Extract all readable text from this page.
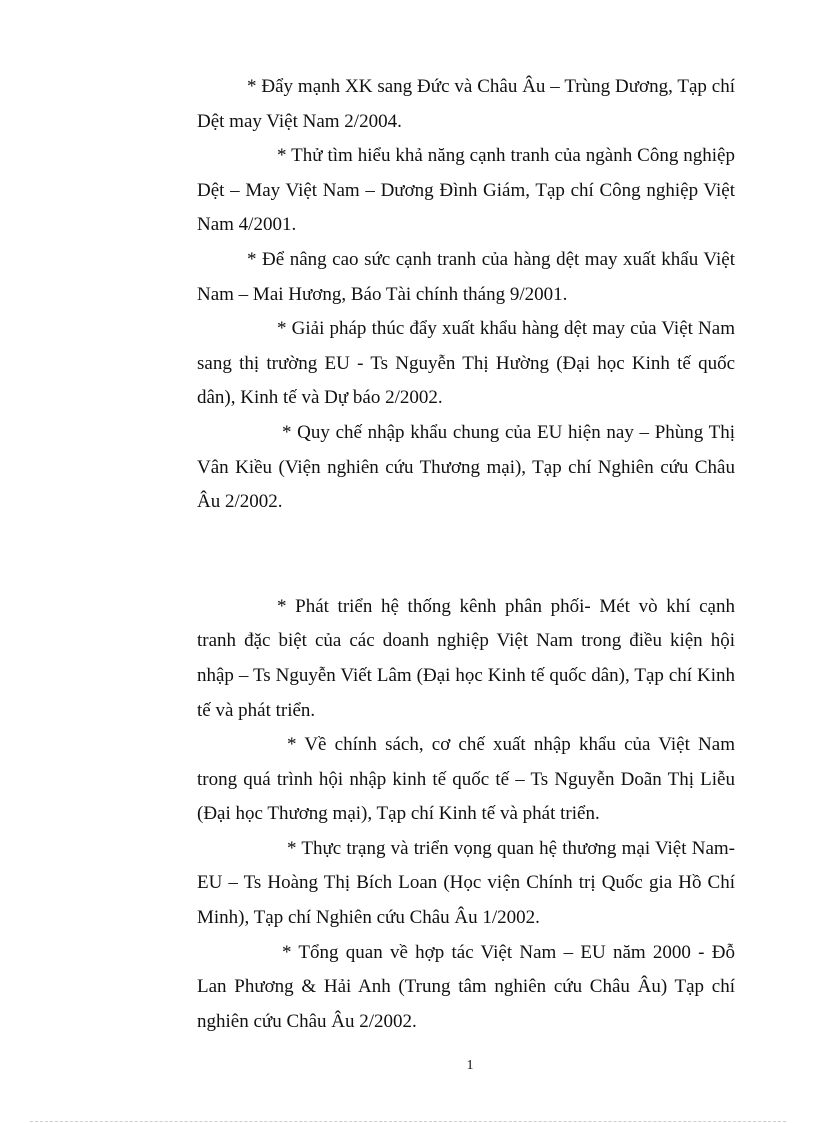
* Đẩy mạnh XK sang Đức và Châu Âu – Trùng Dương, Tạp chí Dệt may Việt Nam 2/2004.

* Thử tìm hiểu khả năng cạnh tranh của ngành Công nghiệp Dệt – May Việt Nam – Dương Đình Giám, Tạp chí Công nghiệp Việt Nam 4/2001.

* Để nâng cao sức cạnh tranh của hàng dệt may xuất khẩu Việt Nam – Mai Hương, Báo Tài chính tháng 9/2001.

* Giải pháp thúc đẩy xuất khẩu hàng dệt may của Việt Nam sang thị trường EU - Ts Nguyễn Thị Hường (Đại học Kinh tế quốc dân), Kinh tế và Dự báo 2/2002.

* Quy chế nhập khẩu chung của EU hiện nay – Phùng Thị Vân Kiều (Viện nghiên cứu Thương mại), Tạp chí Nghiên cứu Châu Âu 2/2002.

* Phát triển hệ thống kênh phân phối- Mét vò khí cạnh tranh đặc biệt của các doanh nghiệp Việt Nam trong điều kiện hội nhập – Ts Nguyễn Viết Lâm (Đại học Kinh tế quốc dân), Tạp chí Kinh tế và phát triển.

* Về chính sách, cơ chế xuất nhập khẩu của Việt Nam trong quá trình hội nhập kinh tế quốc tế – Ts Nguyễn Doãn Thị Liễu (Đại học Thương mại), Tạp chí Kinh tế và phát triển.

* Thực trạng và triển vọng quan hệ thương mại Việt Nam- EU – Ts Hoàng Thị Bích Loan (Học viện Chính trị Quốc gia Hồ Chí Minh), Tạp chí Nghiên cứu Châu Âu 1/2002.

* Tổng quan về hợp tác Việt Nam – EU năm 2000 - Đỗ Lan Phương & Hải Anh (Trung tâm nghiên cứu Châu Âu) Tạp chí nghiên cứu Châu Âu 2/2002.

1
